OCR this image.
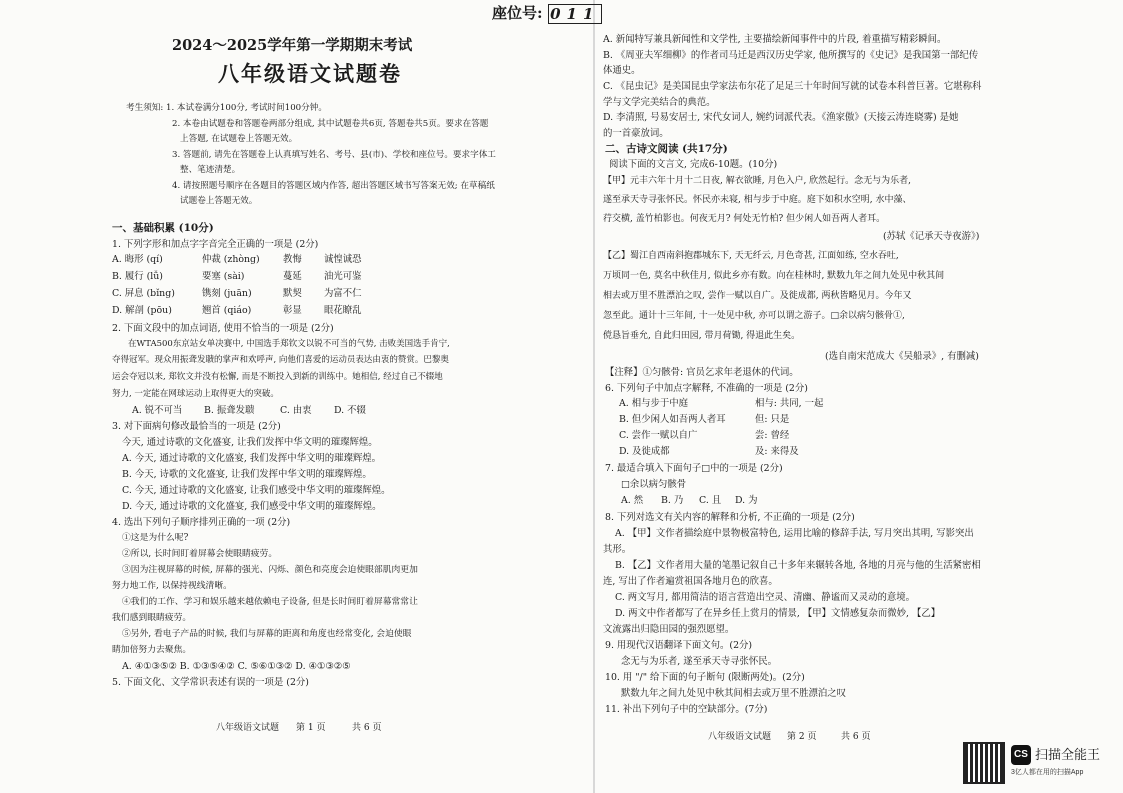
座位号: 011
2024～2025学年第一学期期末考试
八年级语文试题卷
考生须知: 1. 本试卷满分100分, 考试时间100分钟。
2. 本卷由试题卷和答题卷两部分组成, 其中试题卷共6页, 答题卷共5页。要求在答题
上答题, 在试题卷上答题无效。
3. 答题前, 请先在答题卷上认真填写姓名、考号、县(市)、学校和座位号。要求字体工
整、笔迹清楚。
4. 请按照题号顺序在各题目的答题区域内作答, 超出答题区域书写答案无效; 在草稿纸
试题卷上答题无效。
一、基础积累 (10分)
1. 下列字形和加点字字音完全正确的一项是 (2分)
A. 晦形 (qí)	仲裁 (zhòng) 教悔 诚惶诚恐
B. 履行 (lǚ)	要塞 (sài)	蔓延 油光可鉴
C. 屏息 (bǐng)	镌刻 (juān)	默契 为富不仁
D. 解剖 (pōu)	翘首 (qiáo)	彰显 眼花瞭乱
2. 下面文段中的加点词语, 使用不恰当的一项是 (2分)
在WTA500东京站女单决赛中, 中国选手郑钦文以锐不可当的气势, 击败美国选手肯宁,
夺得冠军。现众用振聋发聩的掌声和欢呼声, 向他们喜爱的运动员表达由衷的赞赏。巴黎奥
运会夺冠以来, 郑钦文并没有松懈, 而是不断投入到新的训练中。她相信, 经过自己不辍地
努力, 一定能在网球运动上取得更大的突破。
A. 锐不可当 B. 振聋发聩	C. 由衷 D. 不辍
3. 对下面病句修改最恰当的一项是 (2分)
今天, 通过诗歌的文化盛宴, 让我们发挥中华文明的璀璨辉煌。
A. 今天, 通过诗歌的文化盛宴, 我们发挥中华文明的璀璨辉煌。
B. 今天, 诗歌的文化盛宴, 让我们发挥中华文明的璀璨辉煌。
C. 今天, 通过诗歌的文化盛宴, 让我们感受中华文明的璀璨辉煌。
D. 今天, 通过诗歌的文化盛宴, 我们感受中华文明的璀璨辉煌。
4. 选出下列句子顺序排列正确的一项 (2分)
①这是为什么呢?
②所以, 长时间盯着屏幕会使眼睛疲劳。
③因为注视屏幕的时候, 屏幕的强光、闪烁、颜色和亮度会迫使眼部肌肉更加
努力地工作, 以保持视线清晰。
④我们的工作、学习和娱乐越来越依赖电子设备, 但是长时间盯着屏幕常常让
我们感到眼睛疲劳。
⑤另外, 看电子产品的时候, 我们与屏幕的距离和角度也经常变化, 会迫使眼
睛加倍努力去聚焦。
A. ④①③⑤② B. ①③⑤④② C. ⑤⑥①③② D. ④①③②⑤
5. 下面文化、文学常识表述有误的一项是 (2分)
八年级语文试题 第 1 页	共 6 页
A. 新闻特写兼具新闻性和文学性, 主要描绘新闻事件中的片段, 着重描写精彩瞬间。
B. 《周亚夫军细柳》的作者司马迁是西汉历史学家, 他所撰写的《史记》是我国第一部纪传
体通史。
C. 《昆虫记》是美国昆虫学家法布尔花了足足三十年时间写就的试卷本科普巨著。它堪称科
学与文学完美结合的典范。
D. 李清照, 号易安居士, 宋代女词人, 婉约词派代表。《渔家傲》(天接云涛连晓雾) 是她
的一首豪放词。
二、古诗文阅读 (共17分)
阅读下面的文言文, 完成6-10题。(10分)
【甲】元丰六年十月十二日夜, 解衣欲睡, 月色入户, 欣然起行。念无与为乐者,
遂至承天寺寻张怀民。怀民亦未寝, 相与步于中庭。庭下如积水空明, 水中藻、
荇交横, 盖竹柏影也。何夜无月? 何处无竹柏? 但少闲人如吾两人者耳。
(苏轼《记承天寺夜游》)
【乙】蜀江自西南斜抱郡城东下, 天无纤云, 月色奇甚, 江面如练, 空水吞吐,
万顷同一色, 莫名中秋佳月, 似此乡亦有数。向在桂林时, 默数九年之间九处见中秋其间
相去或万里不胜漂泊之叹, 尝作一赋以自广。及徙成都, 两秋皆略见月。今年又
忽至此。通计十三年间, 十一处见中秋, 亦可以谓之游子。□余以病匀骸骨①,
傥恳旨垂允, 自此归田园, 带月荷锄, 得退此生矣。
(选自南宋范成大《吴船录》, 有删减)
【注释】①匀骸骨: 官员乞求年老退休的代词。
6. 下列句子中加点字解释, 不准确的一项是 (2分)
A. 相与步于中庭	相与: 共同, 一起
B. 但少闲人如吾两人者耳	但: 只是
C. 尝作一赋以自广	尝: 曾经
D. 及徙成都	及: 来得及
7. 最适合填入下面句子□中的一项是 (2分)
□余以病匀骸骨
A. 然 B. 乃 C. 且 D. 为
8. 下列对选文有关内容的解释和分析, 不正确的一项是 (2分)
A. 【甲】文作者描绘庭中景物极富特色, 运用比喻的修辞手法, 写月突出其明, 写影突出
其形。
B. 【乙】文作者用大量的笔墨记叙自己十多年来辗转各地, 各地的月亮与他的生活紧密相
连, 写出了作者遍赏祖国各地月色的欣喜。
C. 两文写月, 都用简洁的语言营造出空灵、清幽、静谧而又灵动的意境。
D. 两文中作者都写了在异乡任上赏月的情景, 【甲】文情感复杂而微妙, 【乙】
文流露出归隐田园的强烈愿望。
9. 用现代汉语翻译下面文句。(2分)
念无与为乐者, 遂至承天寺寻张怀民。
10. 用 "/" 给下面的句子断句 (限断两处)。(2分)
默数九年之间九处见中秋其间相去或万里不胜漂泊之叹
11. 补出下列句子中的空缺部分。(7分)
八年级语文试题 第 2 页	共 6 页
CS 扫描全能王
3亿人都在用的扫描App
